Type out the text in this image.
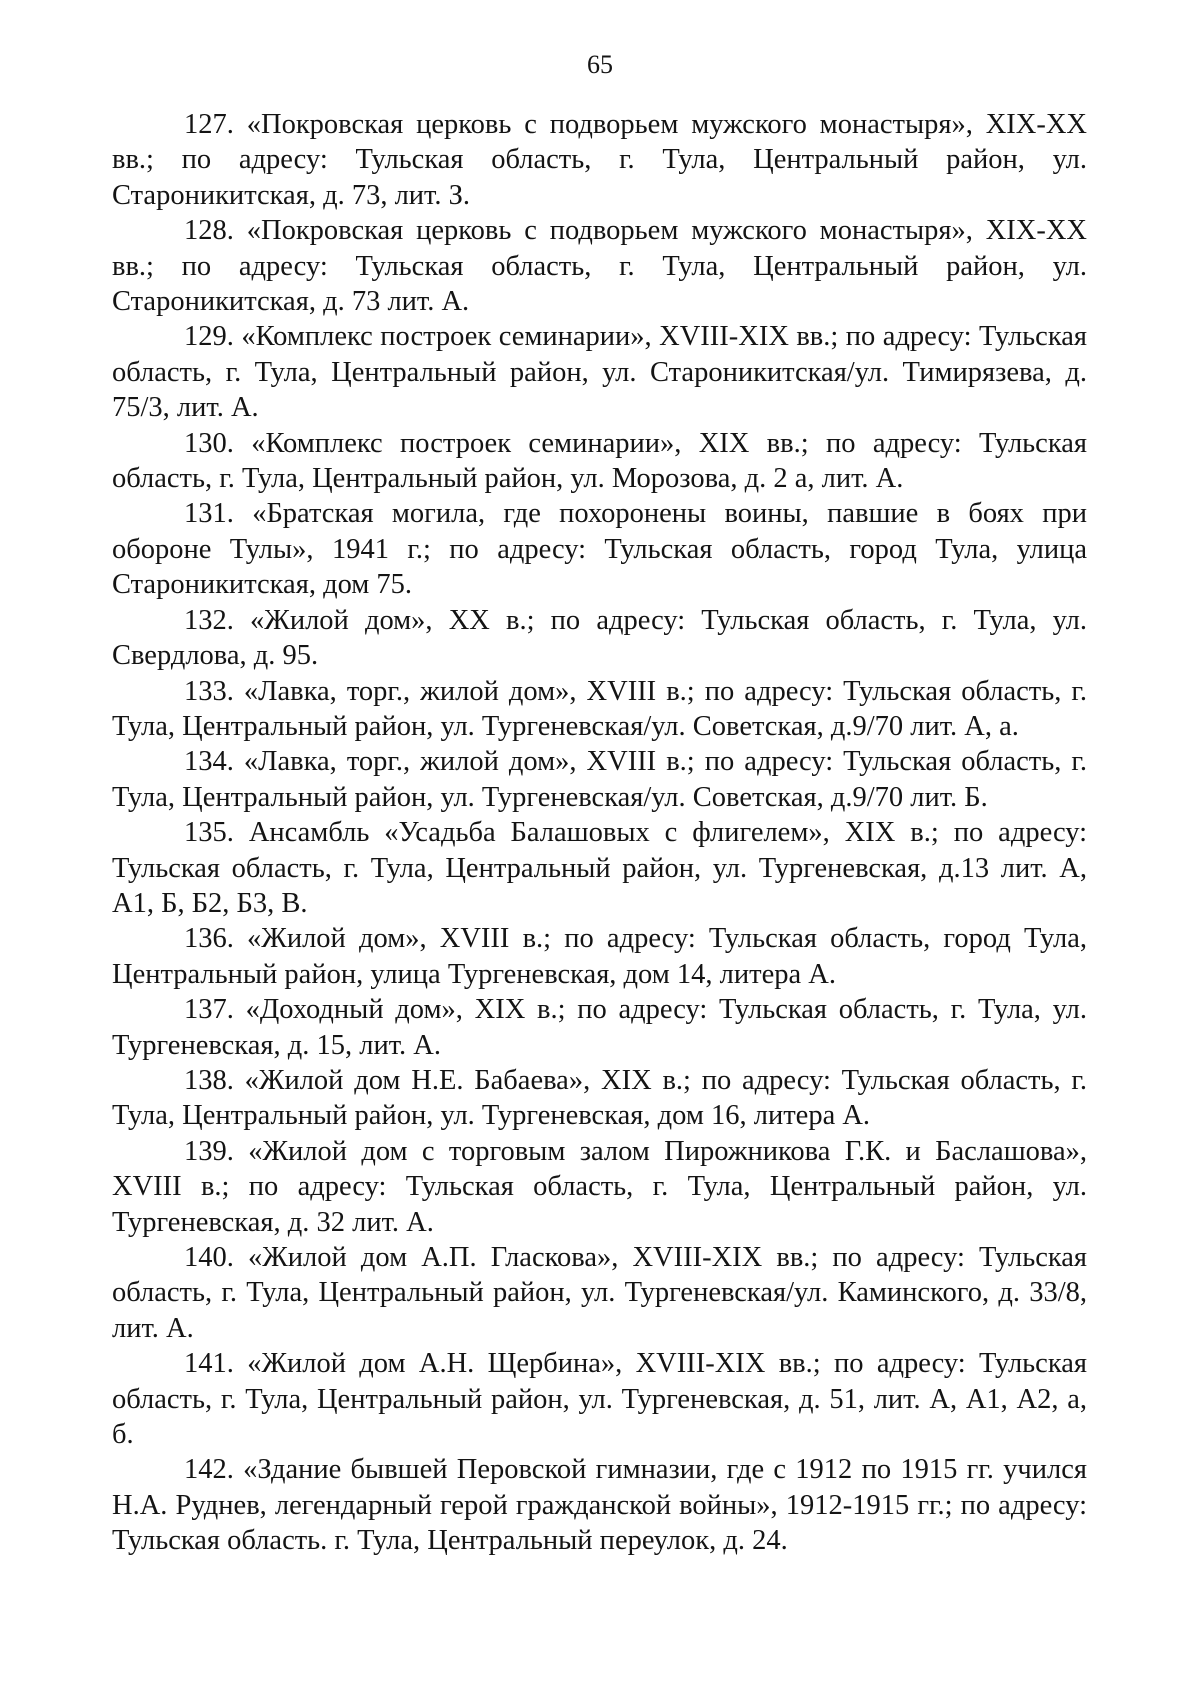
65

127. «Покровская церковь с подворьем мужского монастыря», XIX-XX вв.; по адресу: Тульская область, г. Тула, Центральный район, ул. Староникитская, д. 73, лит. З.

128. «Покровская церковь с подворьем мужского монастыря», XIX-XX вв.; по адресу: Тульская область, г. Тула, Центральный район, ул. Староникитская, д. 73 лит. А.

129. «Комплекс построек семинарии», XVIII-XIX вв.; по адресу: Тульская область, г. Тула, Центральный район, ул. Староникитская/ул. Тимирязева, д. 75/3, лит. А.

130. «Комплекс построек семинарии», XIX вв.; по адресу: Тульская область, г. Тула, Центральный район, ул. Морозова, д. 2 а, лит. А.

131. «Братская могила, где похоронены воины, павшие в боях при обороне Тулы», 1941 г.; по адресу: Тульская область, город Тула, улица Староникитская, дом 75.

132. «Жилой дом», XX в.; по адресу: Тульская область, г. Тула, ул. Свердлова, д. 95.

133. «Лавка, торг., жилой дом», XVIII в.; по адресу: Тульская область, г. Тула, Центральный район, ул. Тургеневская/ул. Советская, д.9/70 лит. А, а.

134. «Лавка, торг., жилой дом», XVIII в.; по адресу: Тульская область, г. Тула, Центральный район, ул. Тургеневская/ул. Советская, д.9/70 лит. Б.

135. Ансамбль «Усадьба Балашовых с флигелем», XIX в.; по адресу: Тульская область, г. Тула, Центральный район, ул. Тургеневская, д.13 лит. А, А1, Б, Б2, Б3, В.

136. «Жилой дом», XVIII в.; по адресу: Тульская область, город Тула, Центральный район, улица Тургеневская, дом 14, литера А.

137. «Доходный дом», XIX в.; по адресу: Тульская область, г. Тула, ул. Тургеневская, д. 15, лит. А.

138. «Жилой дом Н.Е. Бабаева», XIX в.; по адресу: Тульская область, г. Тула, Центральный район, ул. Тургеневская, дом 16, литера А.

139. «Жилой дом с торговым залом Пирожникова Г.К. и Баслашова», XVIII в.; по адресу: Тульская область, г. Тула, Центральный район, ул. Тургеневская, д. 32 лит. А.

140. «Жилой дом А.П. Гласкова», XVIII-XIX вв.; по адресу: Тульская область, г. Тула, Центральный район, ул. Тургеневская/ул. Каминского, д. 33/8, лит. А.

141. «Жилой дом А.Н. Щербина», XVIII-XIX вв.; по адресу: Тульская область, г. Тула, Центральный район, ул. Тургеневская, д. 51, лит. А, А1, А2, а, б.

142. «Здание бывшей Перовской гимназии, где с 1912 по 1915 гг. учился Н.А. Руднев, легендарный герой гражданской войны», 1912-1915 гг.; по адресу: Тульская область. г. Тула, Центральный переулок, д. 24.
